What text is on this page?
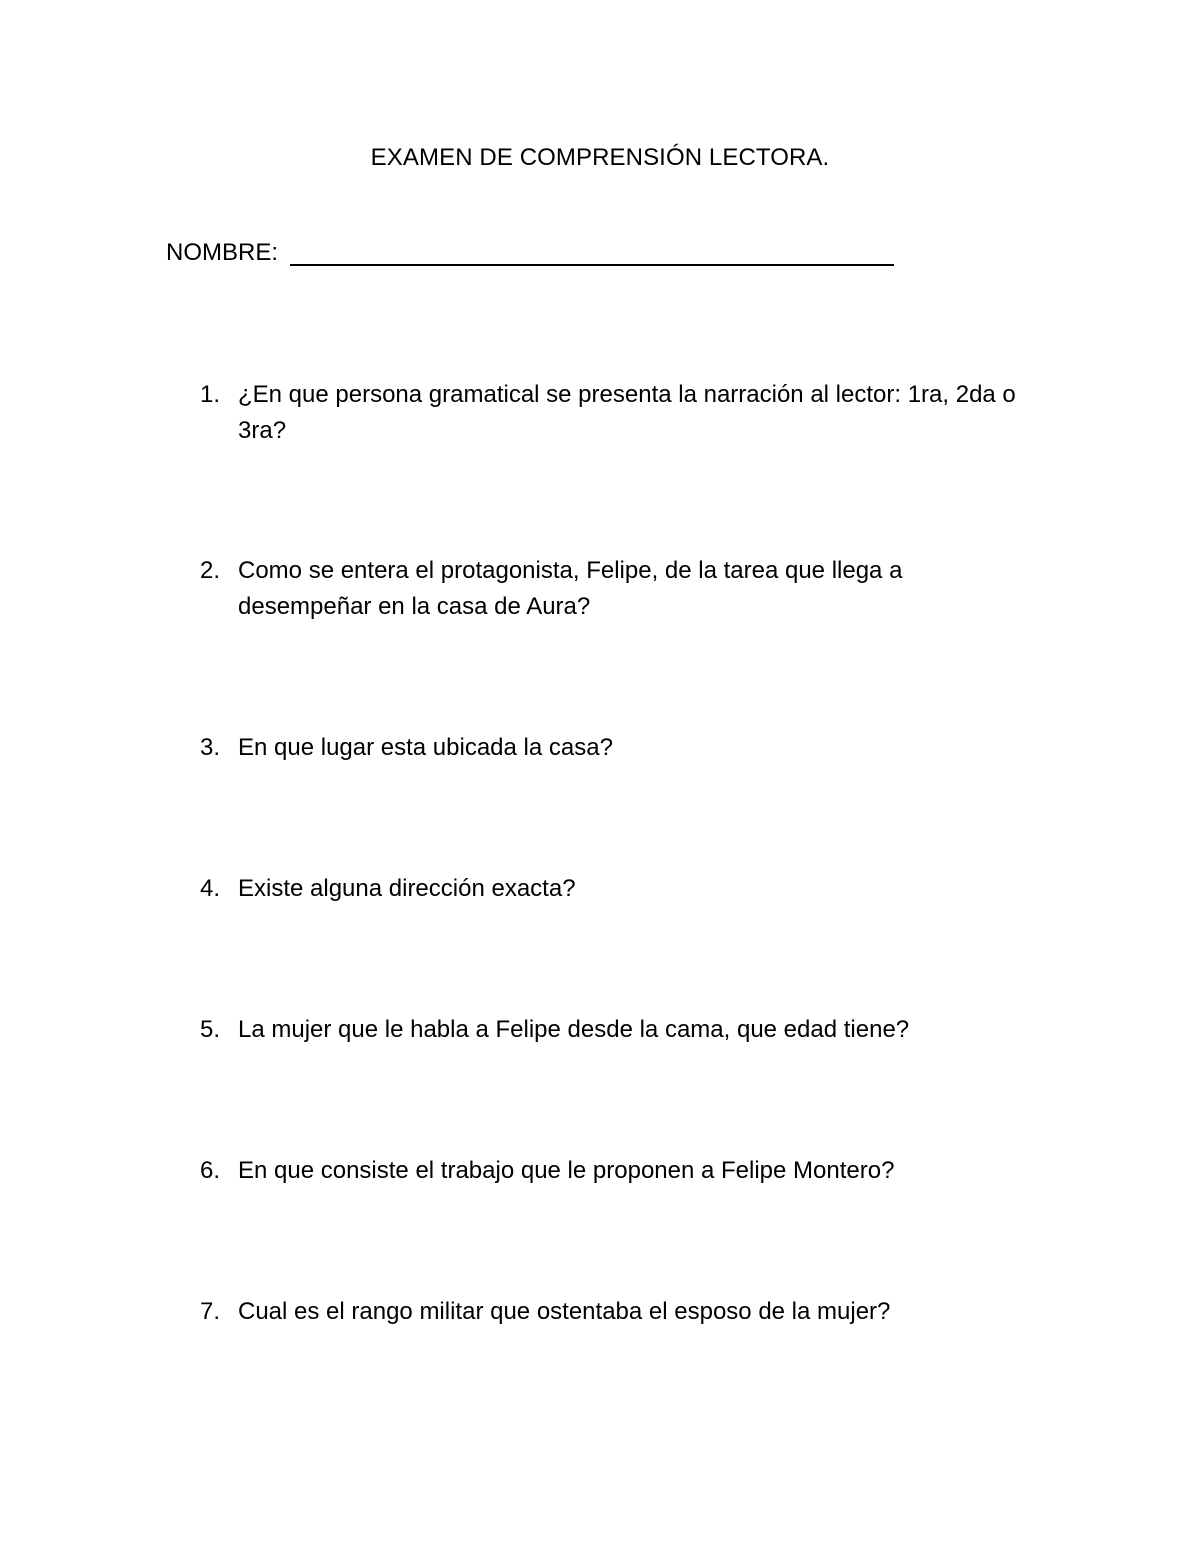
EXAMEN DE COMPRENSIÓN LECTORA.
NOMBRE:
1. ¿En que persona gramatical se presenta la narración al lector: 1ra, 2da o 3ra?
2. Como se entera el protagonista, Felipe, de la tarea que llega a desempeñar en la casa de Aura?
3. En que lugar esta ubicada la casa?
4. Existe alguna dirección exacta?
5. La mujer que le habla a Felipe desde la cama, que edad tiene?
6. En que consiste el trabajo que le proponen a Felipe Montero?
7. Cual es el rango militar que ostentaba el esposo de la mujer?
